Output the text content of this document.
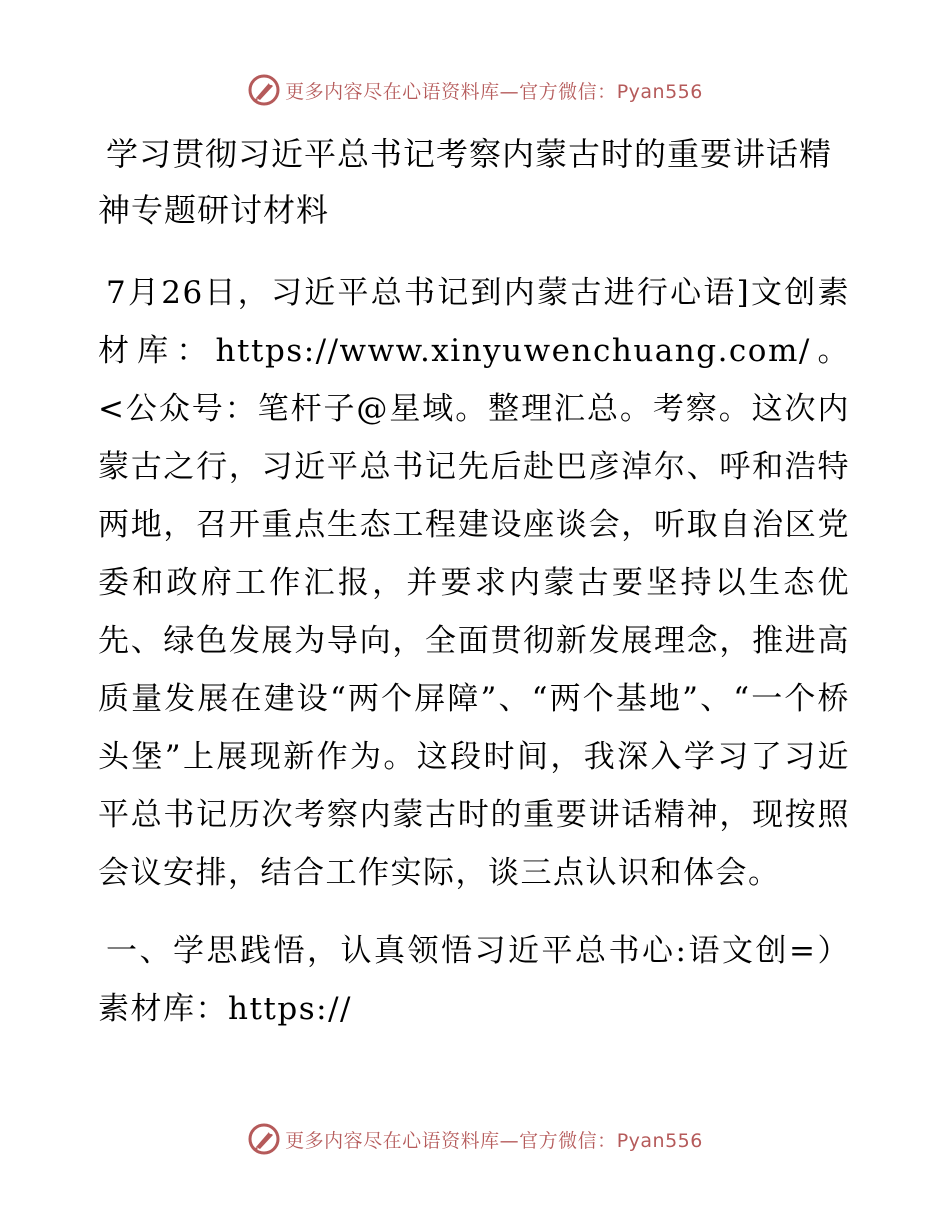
更多内容尽在心语资料库—官方微信：Pyan556
学习贯彻习近平总书记考察内蒙古时的重要讲话精神专题研讨材料

7月26日，习近平总书记到内蒙古进行心语]文创素材库：https://www.xinyuwenchuang.com/。<公众号：笔杆子@星域。整理汇总。考察。这次内蒙古之行，习近平总书记先后赴巴彦淖尔、呼和浩特两地，召开重点生态工程建设座谈会，听取自治区党委和政府工作汇报，并要求内蒙古要坚持以生态优先、绿色发展为导向，全面贯彻新发展理念，推进高质量发展在建设“两个屏障”、“两个基地”、“一个桥头堡”上展现新作为。这段时间，我深入学习了习近平总书记历次考察内蒙古时的重要讲话精神，现按照会议安排，结合工作实际，谈三点认识和体会。

一、学思践悟，认真领悟习近平总书心:语文创=）素材库：https://

更多内容尽在心语资料库—官方微信：Pyan556
